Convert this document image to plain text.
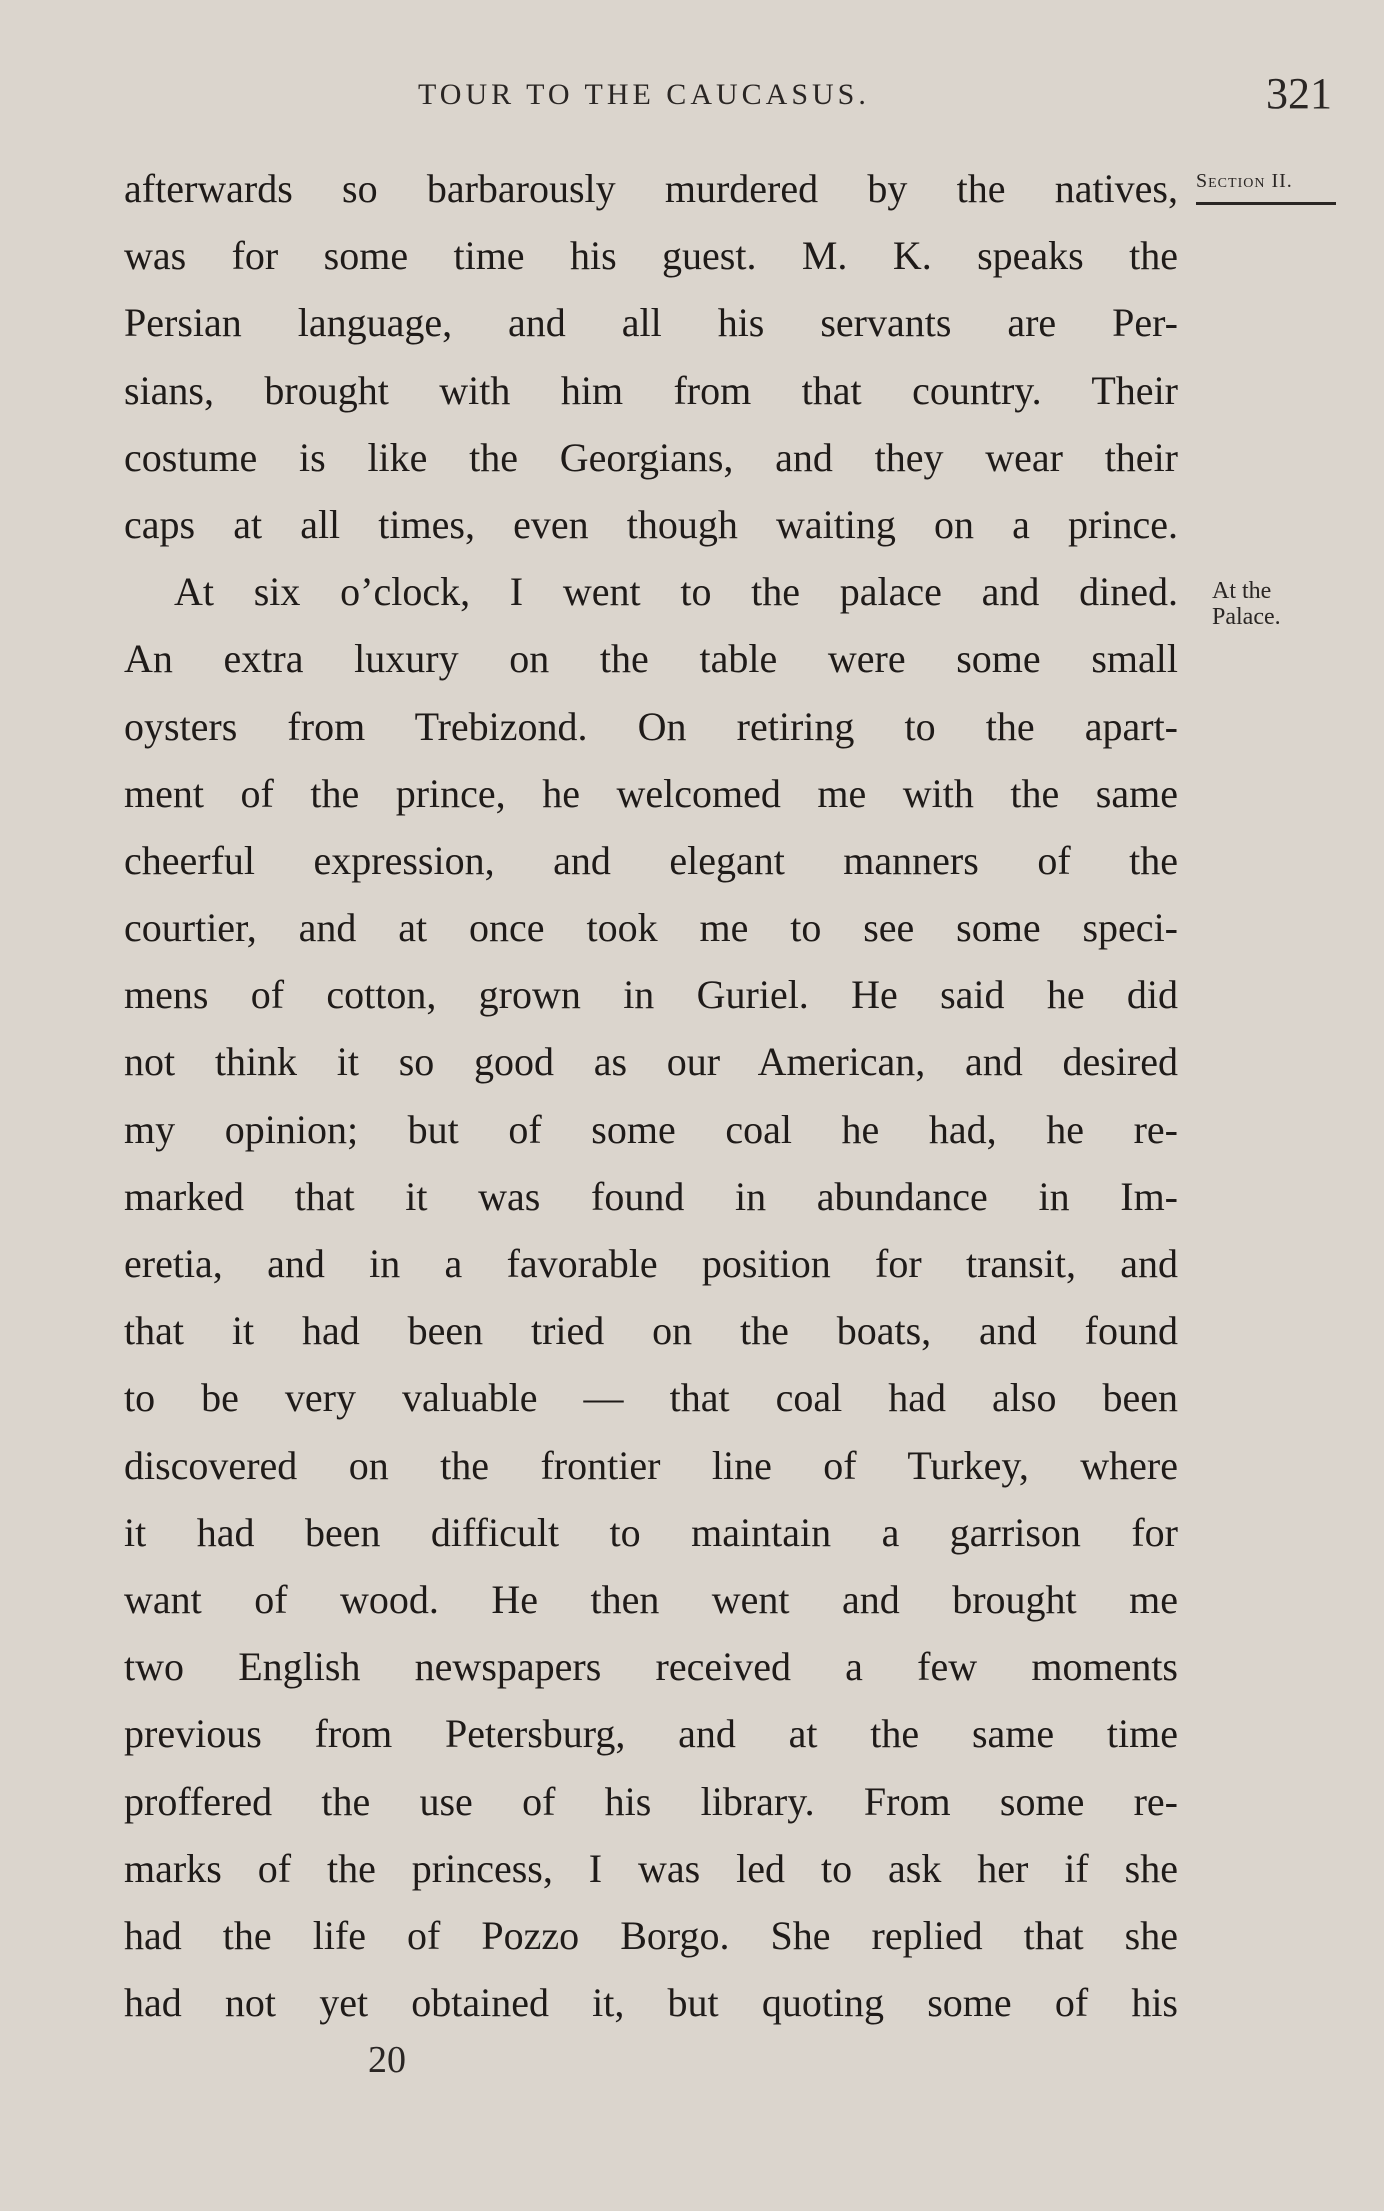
TOUR TO THE CAUCASUS.	321
Section II.
At the
Palace.
afterwards so barbarously murdered by the natives,
was for some time his guest. M. K. speaks the
Persian language, and all his servants are Per-
sians, brought with him from that country. Their
costume is like the Georgians, and they wear their
caps at all times, even though waiting on a prince.
At six o’clock, I went to the palace and dined.
An extra luxury on the table were some small
oysters from Trebizond. On retiring to the apart-
ment of the prince, he welcomed me with the same
cheerful expression, and elegant manners of the
courtier, and at once took me to see some speci-
mens of cotton, grown in Guriel. He said he did
not think it so good as our American, and desired
my opinion; but of some coal he had, he re-
marked that it was found in abundance in Im-
eretia, and in a favorable position for transit, and
that it had been tried on the boats, and found
to be very valuable — that coal had also been
discovered on the frontier line of Turkey, where
it had been difficult to maintain a garrison for
want of wood. He then went and brought me
two English newspapers received a few moments
previous from Petersburg, and at the same time
proffered the use of his library. From some re-
marks of the princess, I was led to ask her if she
had the life of Pozzo Borgo. She replied that she
had not yet obtained it, but quoting some of his
20
